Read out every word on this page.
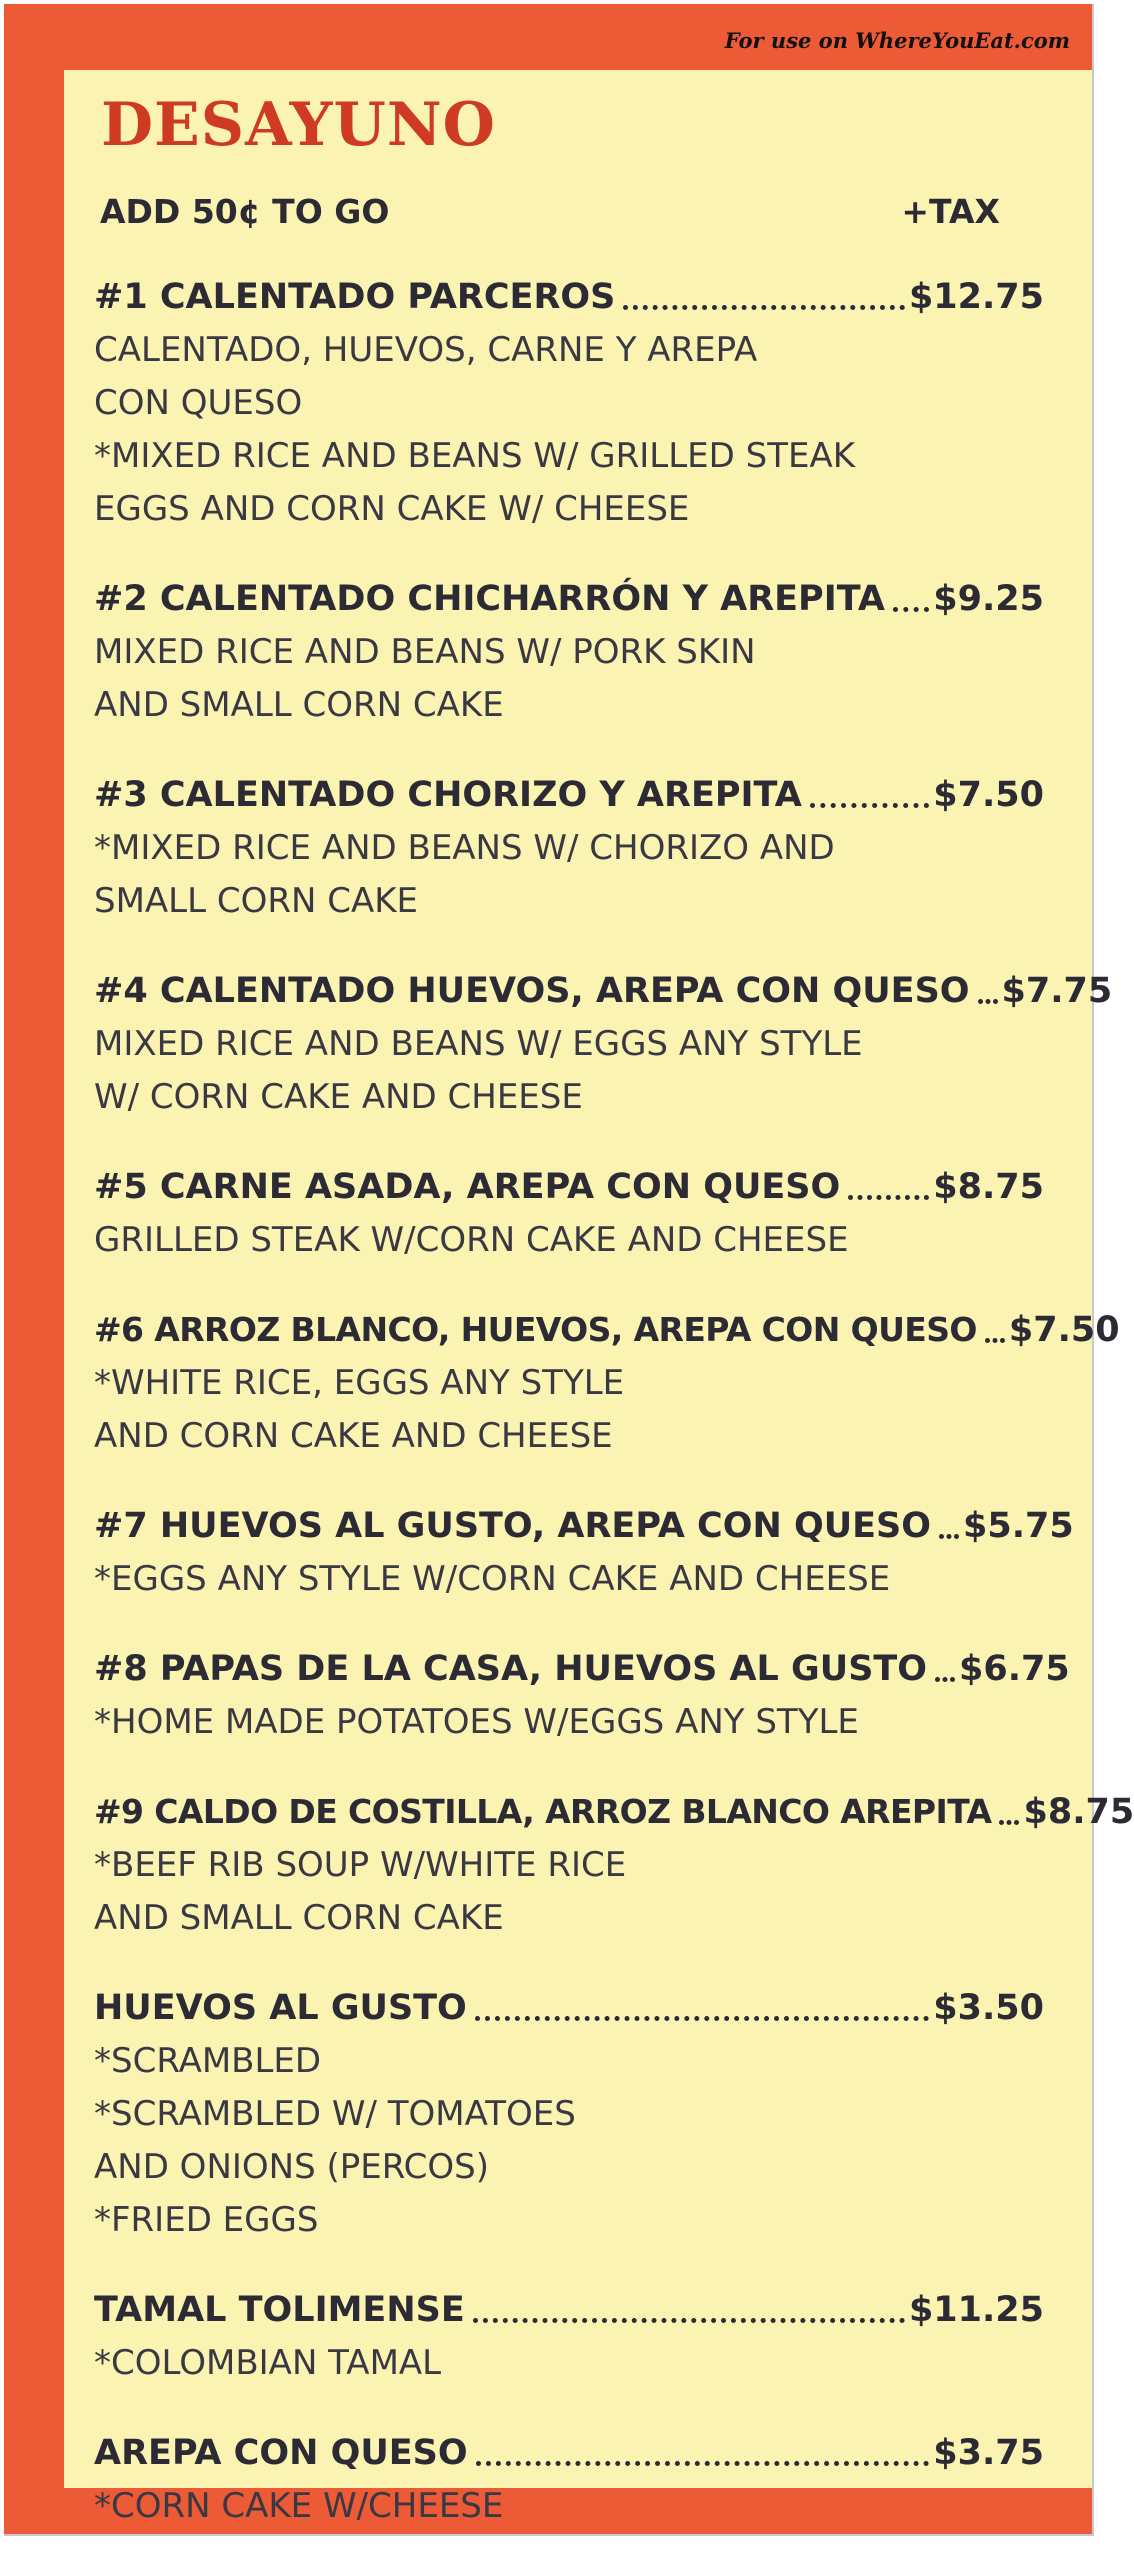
For use on WhereYouEat.com
DESAYUNO
ADD 50¢ TO GO	+TAX
#1 CALENTADO PARCEROS	$12.75
CALENTADO, HUEVOS, CARNE Y AREPA
CON QUESO
*MIXED RICE AND BEANS W/ GRILLED STEAK
EGGS AND CORN CAKE W/ CHEESE
#2 CALENTADO CHICHARRÓN Y AREPITA $9.25
MIXED RICE AND BEANS W/ PORK SKIN
AND SMALL CORN CAKE
#3 CALENTADO CHORIZO Y AREPITA	$7.50
*MIXED RICE AND BEANS W/ CHORIZO AND
SMALL CORN CAKE
#4 CALENTADO HUEVOS, AREPA CON QUESO $7.75
MIXED RICE AND BEANS W/ EGGS ANY STYLE
W/ CORN CAKE AND CHEESE
#5 CARNE ASADA, AREPA CON QUESO	$8.75
GRILLED STEAK W/CORN CAKE AND CHEESE
#6 ARROZ BLANCO, HUEVOS, AREPA CON QUESO $7.50
*WHITE RICE, EGGS ANY STYLE
AND CORN CAKE AND CHEESE
#7 HUEVOS AL GUSTO, AREPA CON QUESO $5.75
*EGGS ANY STYLE W/CORN CAKE AND CHEESE
#8 PAPAS DE LA CASA, HUEVOS AL GUSTO $6.75
*HOME MADE POTATOES W/EGGS ANY STYLE
#9 CALDO DE COSTILLA, ARROZ BLANCO AREPITA $8.75
*BEEF RIB SOUP W/WHITE RICE
AND SMALL CORN CAKE
HUEVOS AL GUSTO	$3.50
*SCRAMBLED
*SCRAMBLED W/ TOMATOES
AND ONIONS (PERCOS)
*FRIED EGGS
TAMAL TOLIMENSE	$11.25
*COLOMBIAN TAMAL
AREPA CON QUESO	$3.75
*CORN CAKE W/CHEESE
